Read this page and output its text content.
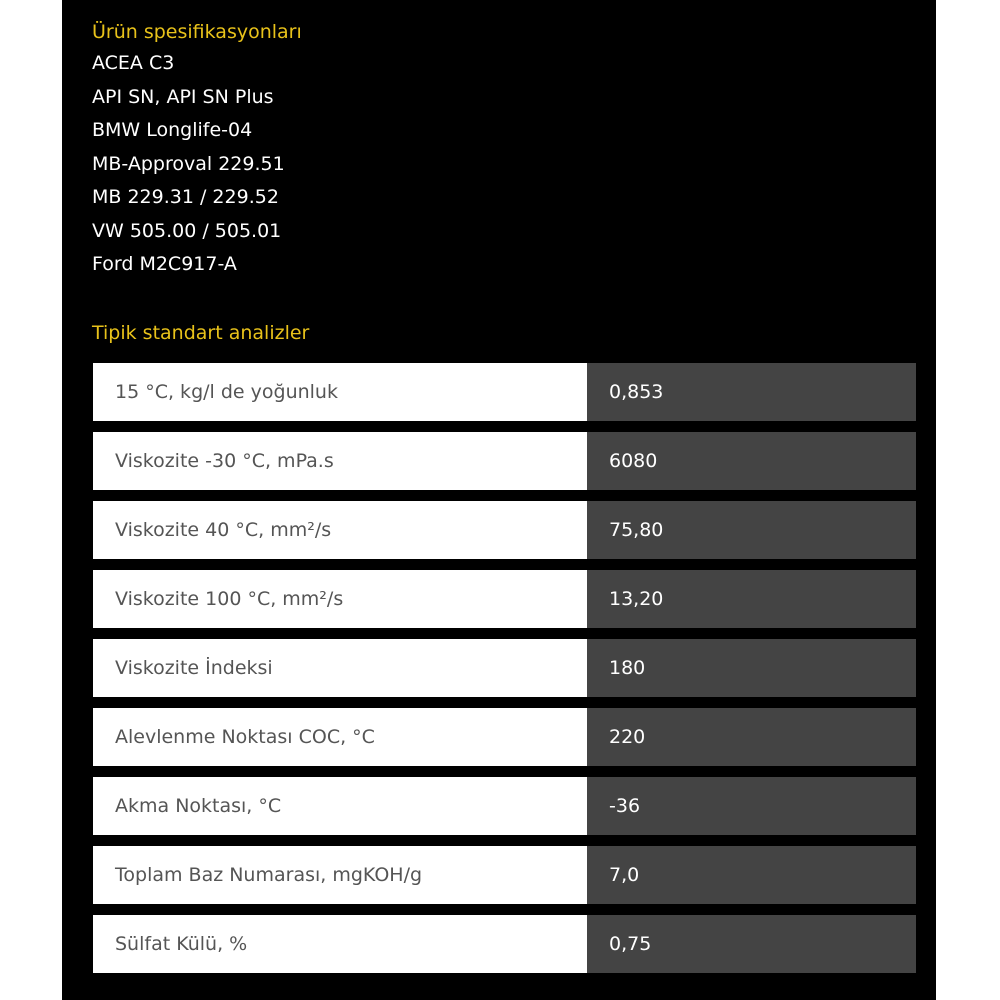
Ürün spesifikasyonları
ACEA C3
API SN, API SN Plus
BMW Longlife-04
MB-Approval 229.51
MB 229.31 / 229.52
VW 505.00 / 505.01
Ford M2C917-A
Tipik standart analizler
15 °C, kg/l de yoğunluk	0,853
Viskozite -30 °C, mPa.s	6080
Viskozite 40 °C, mm²/s	75,80
Viskozite 100 °C, mm²/s	13,20
Viskozite İndeksi	180
Alevlenme Noktası COC, °C	220
Akma Noktası, °C	-36
Toplam Baz Numarası, mgKOH/g	7,0
Sülfat Külü, %	0,75
